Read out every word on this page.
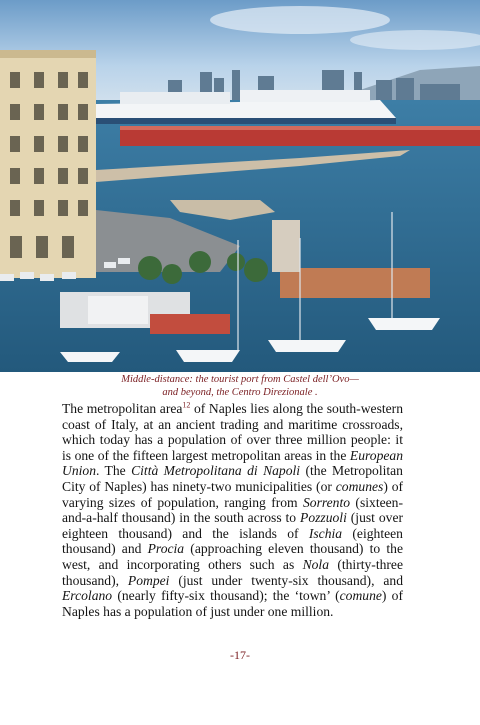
Middle-distance: the tourist port from Castel dell’Ovo—
and beyond, the Centro Direzionale .

The metropolitan area$^{12}$ of Naples lies along the south-western coast of Italy, at an ancient trading and maritime crossroads, which today has a population of over three million people: it is one of the fifteen largest metropolitan areas in the European Union. The Città Metropolitana di Napoli (the Metropolitan City of Naples) has ninety-two municipalities (or comunes) of varying sizes of population, ranging from Sorrento (sixteen-and-a-half thousand) in the south across to Pozzuoli (just over eighteen thousand) and the islands of Ischia (eighteen thousand) and Procia (approaching eleven thousand) to the west, and incorporating others such as Nola (thirty-three thousand), Pompei (just under twenty-six thousand), and Ercolano (nearly fifty-six thousand); the ‘town’ (comune) of Naples has a population of just under one million.

-17-
